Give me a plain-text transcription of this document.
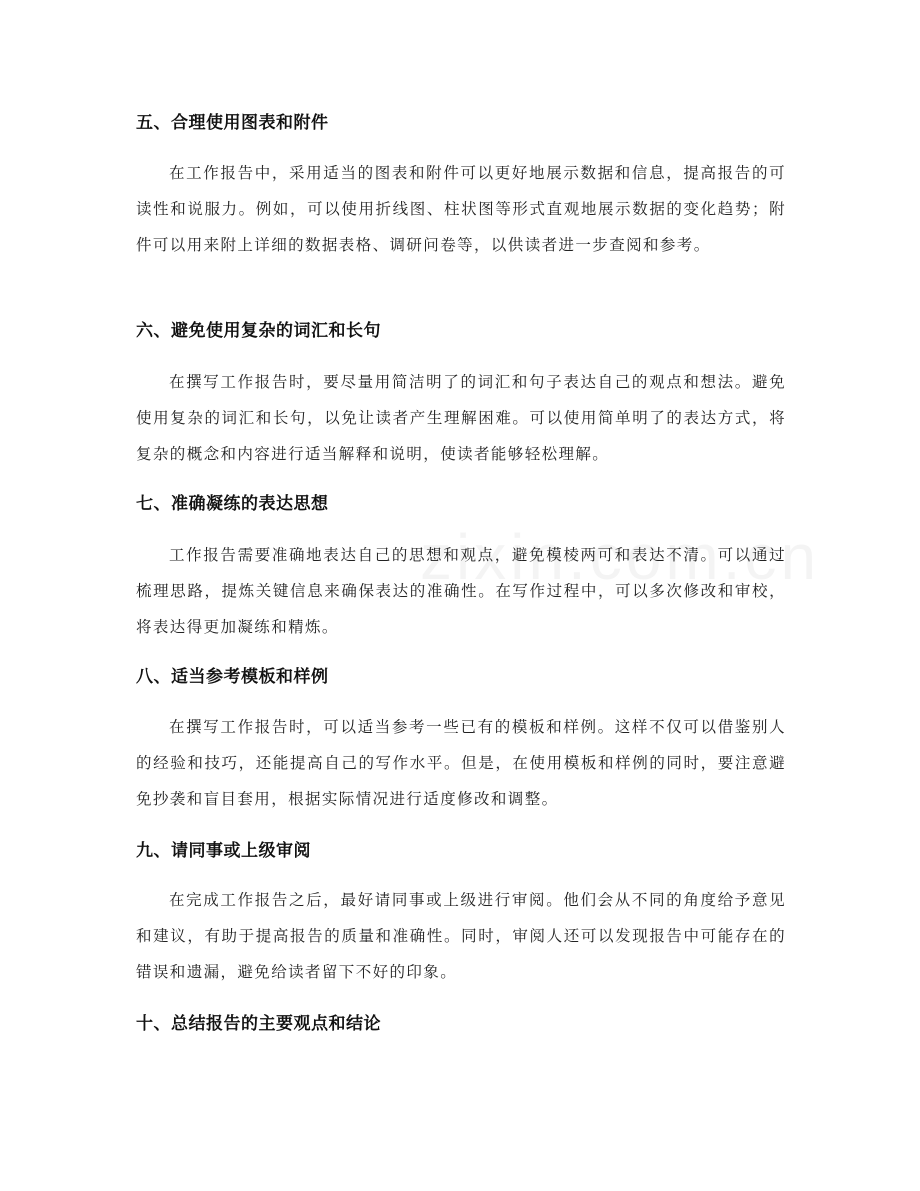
五、合理使用图表和附件

在工作报告中，采用适当的图表和附件可以更好地展示数据和信息，提高报告的可读性和说服力。例如，可以使用折线图、柱状图等形式直观地展示数据的变化趋势；附件可以用来附上详细的数据表格、调研问卷等，以供读者进一步查阅和参考。

六、避免使用复杂的词汇和长句

在撰写工作报告时，要尽量用简洁明了的词汇和句子表达自己的观点和想法。避免使用复杂的词汇和长句，以免让读者产生理解困难。可以使用简单明了的表达方式，将复杂的概念和内容进行适当解释和说明，使读者能够轻松理解。

七、准确凝练的表达思想

工作报告需要准确地表达自己的思想和观点，避免模棱两可和表达不清。可以通过梳理思路，提炼关键信息来确保表达的准确性。在写作过程中，可以多次修改和审校，将表达得更加凝练和精炼。

八、适当参考模板和样例

在撰写工作报告时，可以适当参考一些已有的模板和样例。这样不仅可以借鉴别人的经验和技巧，还能提高自己的写作水平。但是，在使用模板和样例的同时，要注意避免抄袭和盲目套用，根据实际情况进行适度修改和调整。

九、请同事或上级审阅

在完成工作报告之后，最好请同事或上级进行审阅。他们会从不同的角度给予意见和建议，有助于提高报告的质量和准确性。同时，审阅人还可以发现报告中可能存在的错误和遗漏，避免给读者留下不好的印象。

十、总结报告的主要观点和结论
